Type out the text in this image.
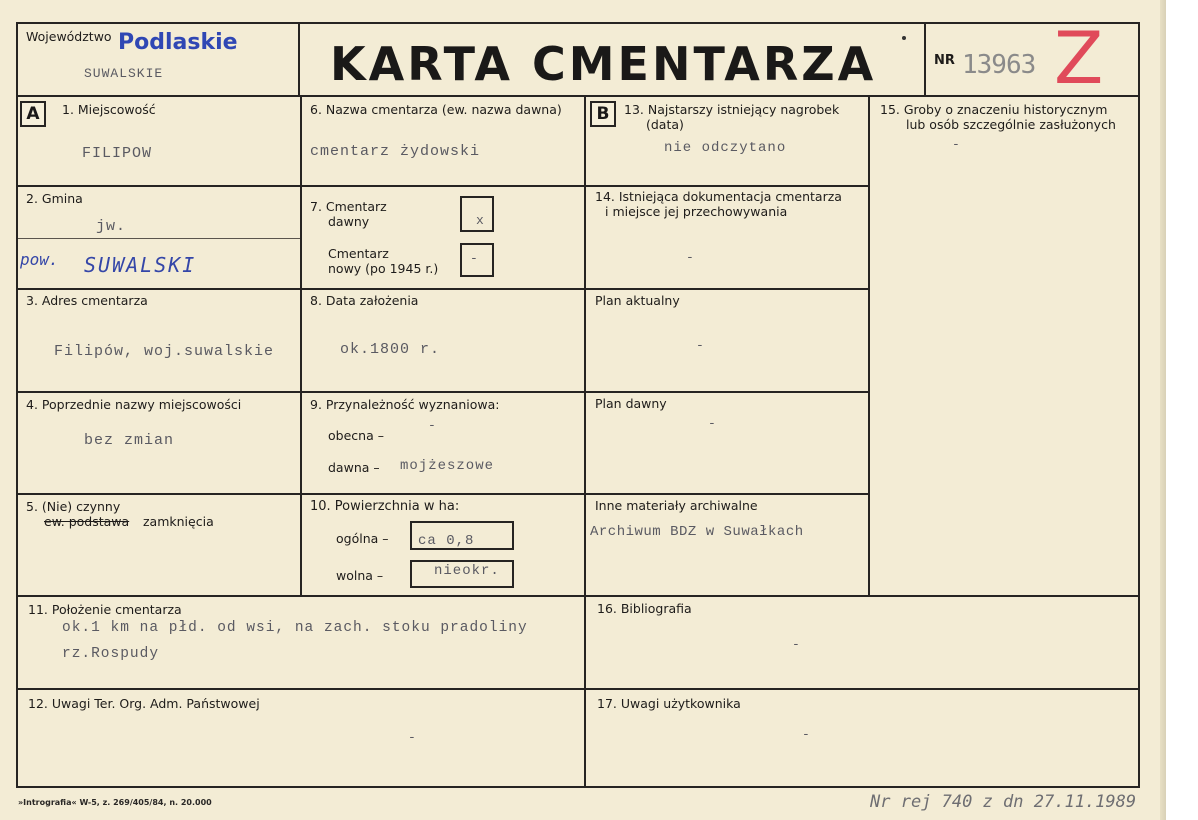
Województwo Podlaskie
SUWALSKIE	KARTA CMENTARZA	NR 13963 Z
A	B
1. Miejscowość
FILIPOW
2. Gmina
jw.
pow. SUWALSKI
3. Adres cmentarza
Filipów, woj.suwalskie
4. Poprzednie nazwy miejscowości
bez zmian
5. (Nie) czynny
ew. podstawa zamknięcia
6. Nazwa cmentarza (ew. nazwa dawna)
cmentarz żydowski
7. Cmentarz
dawny	x
Cmentarz
nowy (po 1945 r.)
-
8. Data założenia
ok.1800 r.
9. Przynależność wyznaniowa:
obecna –
-
dawna – mojżeszowe
10. Powierzchnia w ha:
ogólna – ca 0,8
wolna –	nieokr.
13. Najstarszy istniejący nagrobek
(data)
nie odczytano
14. Istniejąca dokumentacja cmentarza
i miejsce jej przechowywania
-
Plan aktualny
-
Plan dawny
-
Inne materiały archiwalne
Archiwum BDZ w Suwałkach
15. Groby o znaczeniu historycznym
lub osób szczególnie zasłużonych
-
11. Położenie cmentarza
ok.1 km na płd. od wsi, na zach. stoku pradoliny
rz.Rospudy
16. Bibliografia
-
12. Uwagi Ter. Org. Adm. Państwowej
-
17. Uwagi użytkownika
-
»Intrografia« W-5, z. 269/405/84, n. 20.000	Nr rej 740 z dn 27.11.1989
